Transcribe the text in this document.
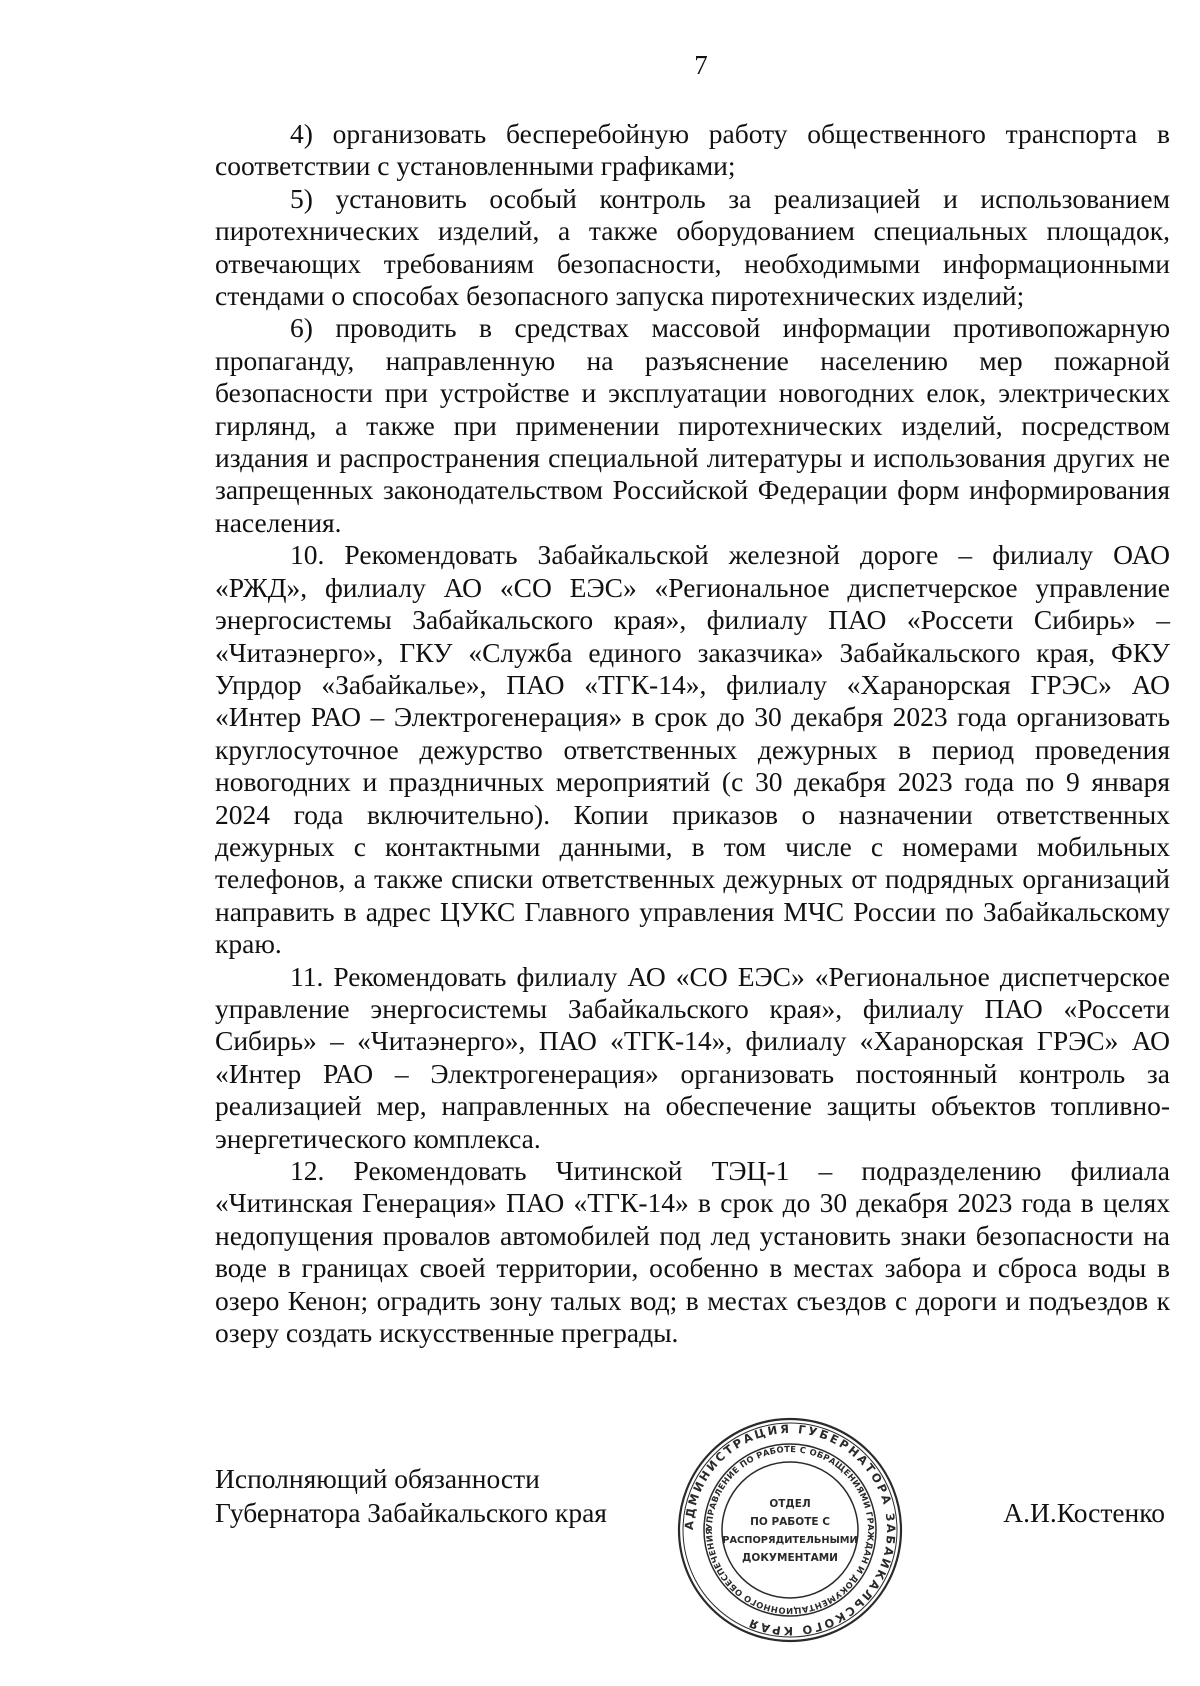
7

4) организовать бесперебойную работу общественного транспорта в соответствии с установленными графиками;

5) установить особый контроль за реализацией и использованием пиротехнических изделий, а также оборудованием специальных площадок, отвечающих требованиям безопасности, необходимыми информационными стендами о способах безопасного запуска пиротехнических изделий;

6) проводить в средствах массовой информации противопожарную пропаганду, направленную на разъяснение населению мер пожарной безопасности при устройстве и эксплуатации новогодних елок, электрических гирлянд, а также при применении пиротехнических изделий, посредством издания и распространения специальной литературы и использования других не запрещенных законодательством Российской Федерации форм информирования населения.

10. Рекомендовать Забайкальской железной дороге – филиалу ОАО «РЖД», филиалу АО «СО ЕЭС» «Региональное диспетчерское управление энергосистемы Забайкальского края», филиалу ПАО «Россети Сибирь» – «Читаэнерго», ГКУ «Служба единого заказчика» Забайкальского края, ФКУ Упрдор «Забайкалье», ПАО «ТГК-14», филиалу «Харанорская ГРЭС» АО «Интер РАО – Электрогенерация» в срок до 30 декабря 2023 года организовать круглосуточное дежурство ответственных дежурных в период проведения новогодних и праздничных мероприятий (с 30 декабря 2023 года по 9 января 2024 года включительно). Копии приказов о назначении ответственных дежурных с контактными данными, в том числе с номерами мобильных телефонов, а также списки ответственных дежурных от подрядных организаций направить в адрес ЦУКС Главного управления МЧС России по Забайкальскому краю.

11. Рекомендовать филиалу АО «СО ЕЭС» «Региональное диспетчерское управление энергосистемы Забайкальского края», филиалу ПАО «Россети Сибирь» – «Читаэнерго», ПАО «ТГК-14», филиалу «Харанорская ГРЭС» АО «Интер РАО – Электрогенерация» организовать постоянный контроль за реализацией мер, направленных на обеспечение защиты объектов топливно-энергетического комплекса.

12. Рекомендовать Читинской ТЭЦ-1 – подразделению филиала «Читинская Генерация» ПАО «ТГК-14» в срок до 30 декабря 2023 года в целях недопущения провалов автомобилей под лед установить знаки безопасности на воде в границах своей территории, особенно в местах забора и сброса воды в озеро Кенон; оградить зону талых вод; в местах съездов с дороги и подъездов к озеру создать искусственные преграды.

Исполняющий обязанности
Губернатора Забайкальского края	А.И.Костенко
АДМИНИСТРАЦИЯ ГУБЕРНАТОРА ЗАБАЙКАЛЬСКОГО КРАЯ
УПРАВЛЕНИЕ ПО РАБОТЕ С ОБРАЩЕНИЯМИ ГРАЖДАН И ДОКУМЕНТАЦИОННОГО ОБЕСПЕЧЕНИЯ
ОТДЕЛ
ПО РАБОТЕ С
РАСПОРЯДИТЕЛЬНЫМИ
ДОКУМЕНТАМИ
